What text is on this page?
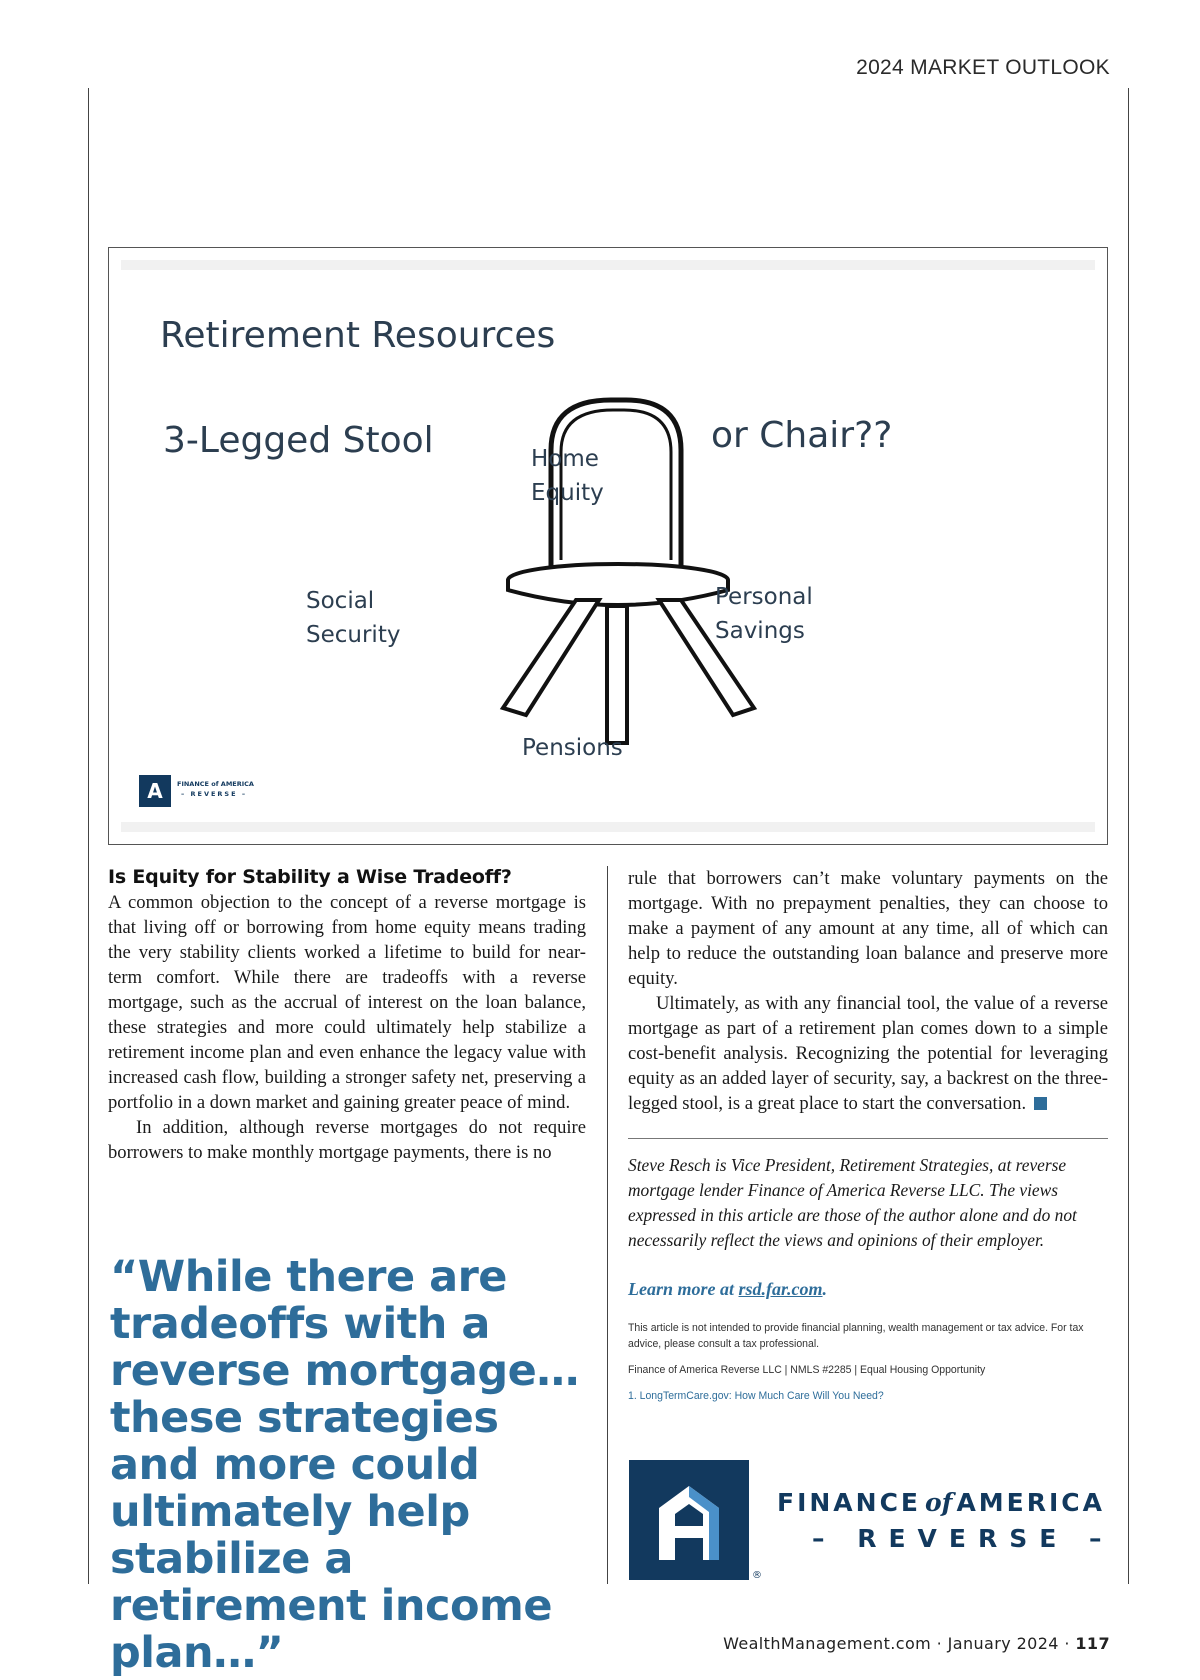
2024 MARKET OUTLOOK
Retirement Resources
3-Legged Stool	or Chair??
Home
Equity
Social
Security
Personal
Savings
Pensions
A	FINANCE of AMERICA
– REVERSE –
Is Equity for Stability a Wise Tradeoff?

A common objection to the concept of a reverse mortgage is that living off or borrowing from home equity means trading the very stability clients worked a lifetime to build for near-term comfort. While there are tradeoffs with a reverse mortgage, such as the accrual of interest on the loan balance, these strategies and more could ultimately help stabilize a retirement income plan and even enhance the legacy value with increased cash flow, building a stronger safety net, preserving a portfolio in a down market and gaining greater peace of mind.

In addition, although reverse mortgages do not require borrowers to make monthly mortgage payments, there is no

“While there are tradeoffs with a reverse mortgage…these strategies and more could ultimately help stabilize a retirement income plan…”

rule that borrowers can’t make voluntary payments on the mortgage. With no prepayment penalties, they can choose to make a payment of any amount at any time, all of which can help to reduce the outstanding loan balance and preserve more equity.

Ultimately, as with any financial tool, the value of a reverse mortgage as part of a retirement plan comes down to a simple cost-benefit analysis. Recognizing the potential for leveraging equity as an added layer of security, say, a backrest on the three-legged stool, is a great place to start the conversation.

Steve Resch is Vice President, Retirement Strategies, at reverse mortgage lender Finance of America Reverse LLC. The views expressed in this article are those of the author alone and do not necessarily reflect the views and opinions of their employer.

Learn more at rsd.far.com.

This article is not intended to provide financial planning, wealth management or tax advice. For tax advice, please consult a tax professional.

Finance of America Reverse LLC | NMLS #2285 | Equal Housing Opportunity

1. LongTermCare.gov: How Much Care Will You Need?

FINANCE of AMERICA
– REVERSE –
®
WealthManagement.com · January 2024 · 117
